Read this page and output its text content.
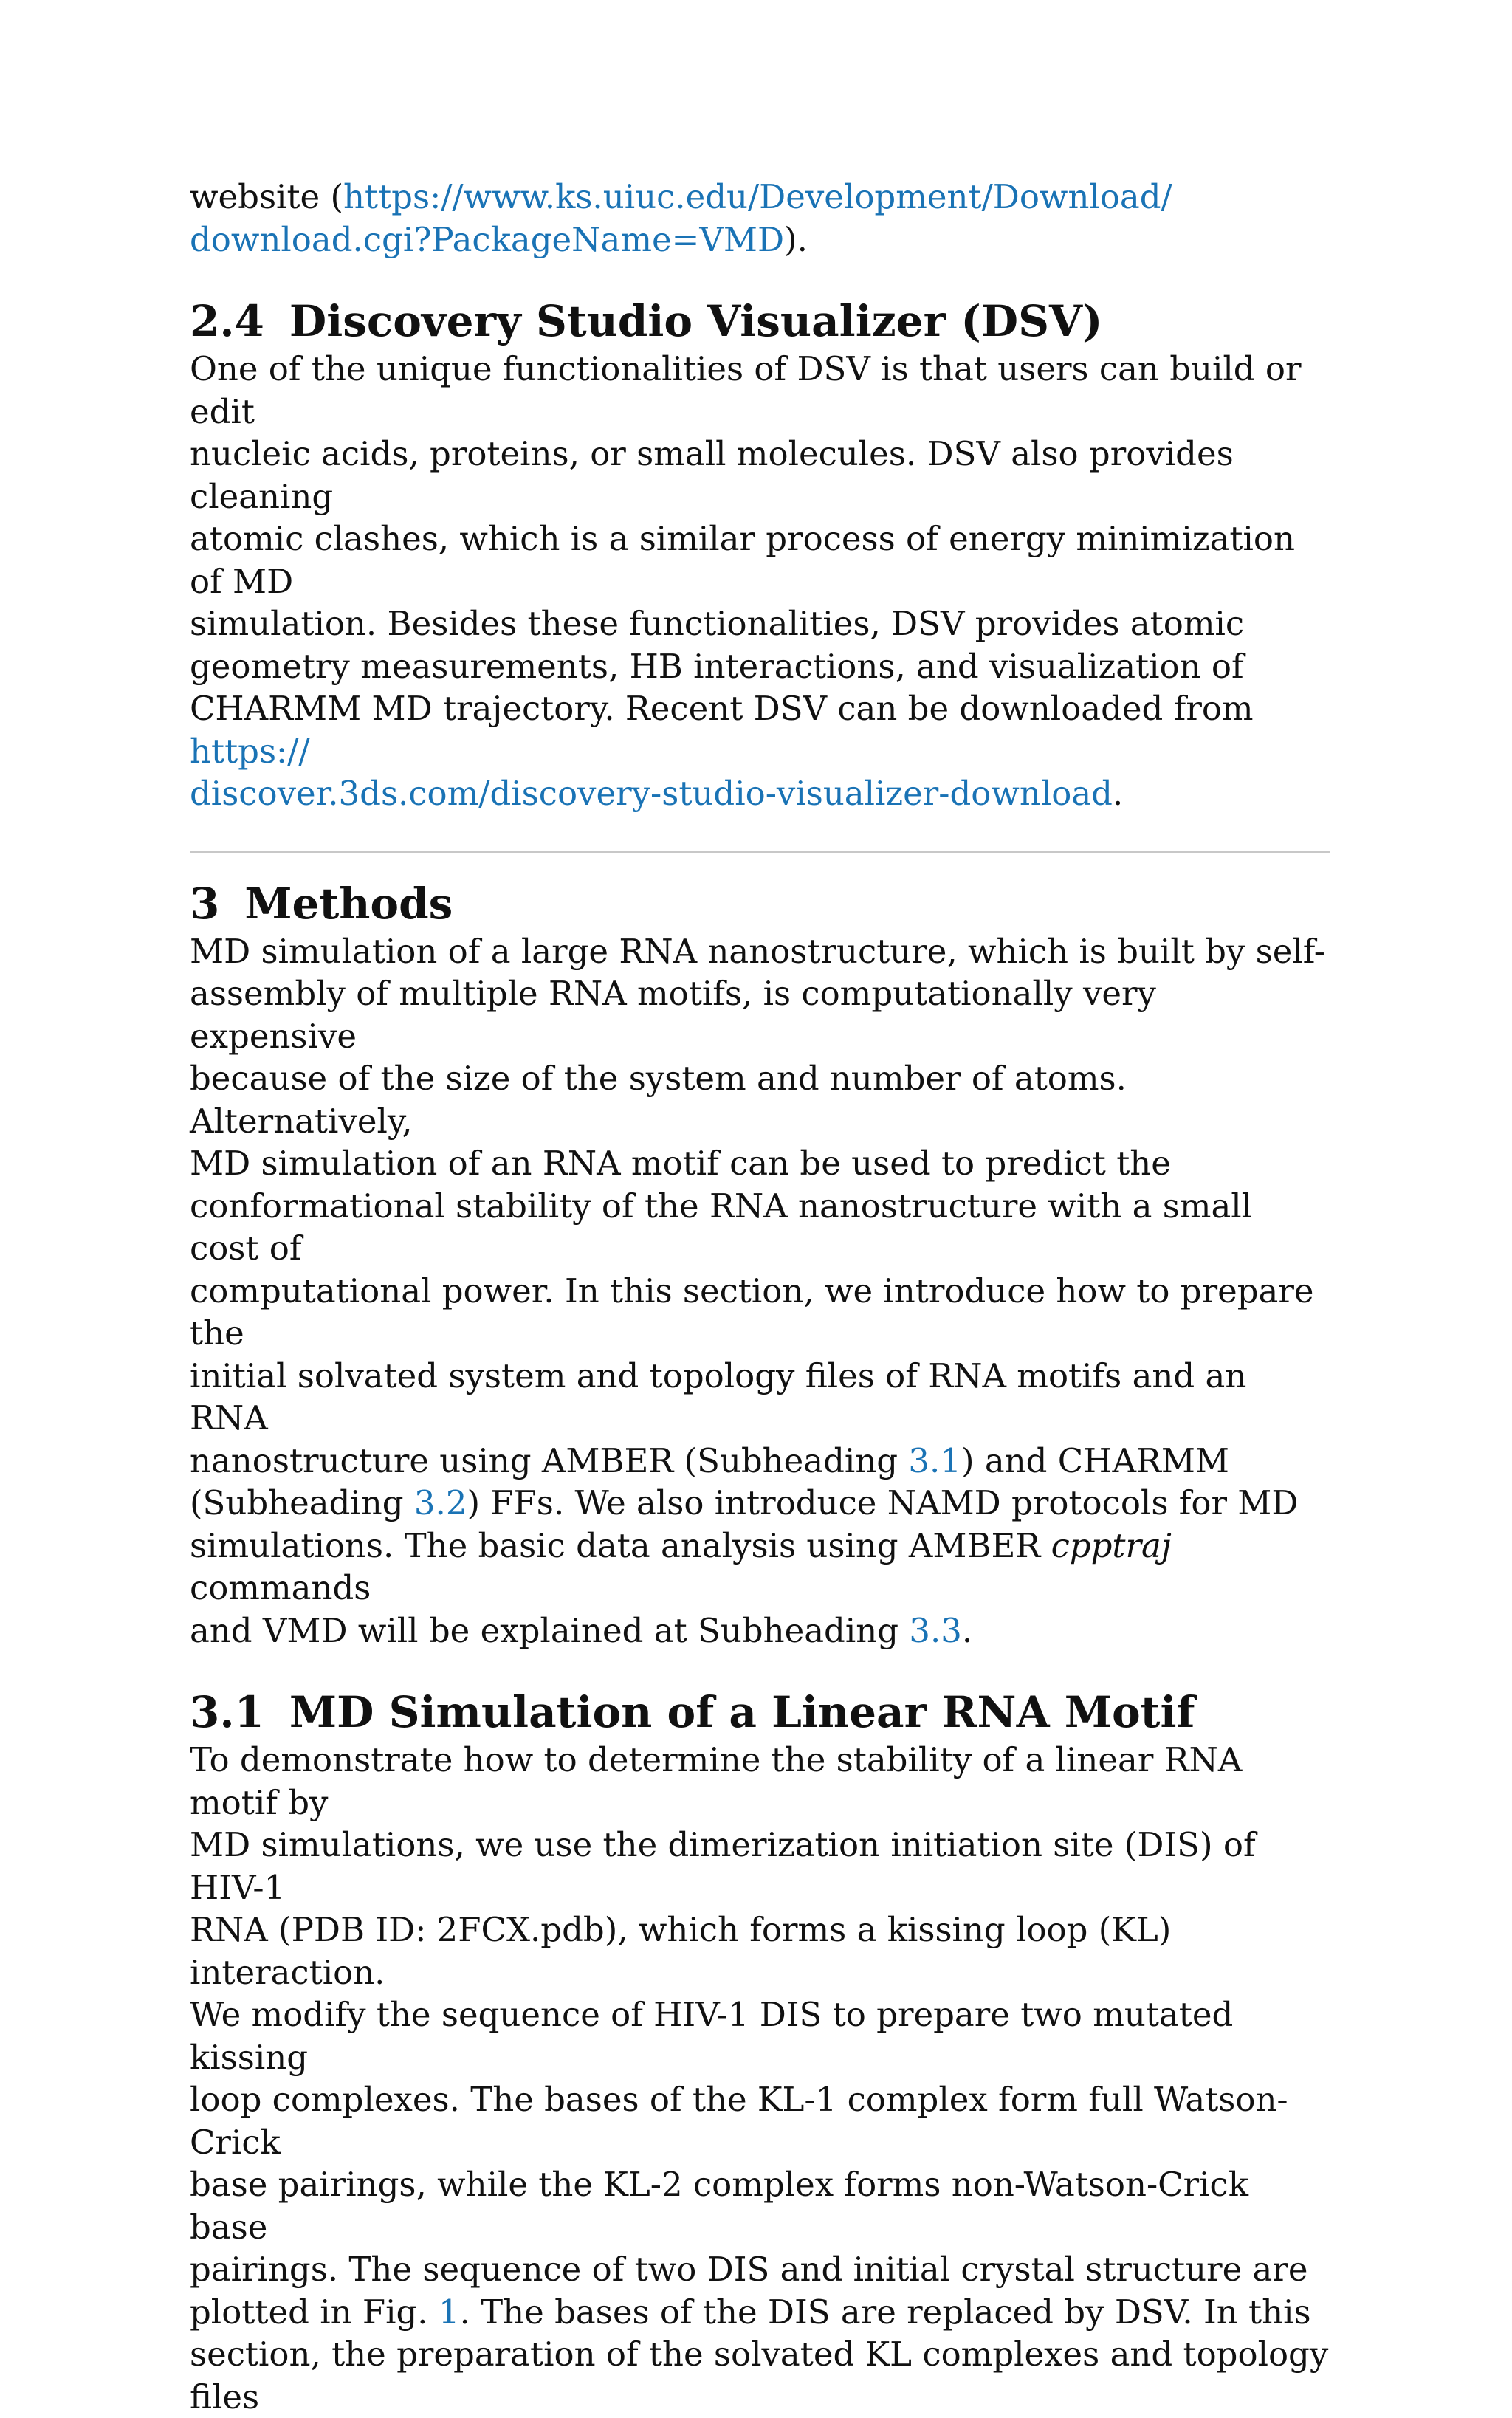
website (https://www.ks.uiuc.edu/Development/Download/
download.cgi?PackageName=VMD).

2.4 Discovery Studio Visualizer (DSV)

One of the unique functionalities of DSV is that users can build or edit
nucleic acids, proteins, or small molecules. DSV also provides cleaning
atomic clashes, which is a similar process of energy minimization of MD
simulation. Besides these functionalities, DSV provides atomic
geometry measurements, HB interactions, and visualization of
CHARMM MD trajectory. Recent DSV can be downloaded from https://
discover.3ds.com/discovery-studio-visualizer-download.

3 Methods

MD simulation of a large RNA nanostructure, which is built by self-
assembly of multiple RNA motifs, is computationally very expensive
because of the size of the system and number of atoms. Alternatively,
MD simulation of an RNA motif can be used to predict the
conformational stability of the RNA nanostructure with a small cost of
computational power. In this section, we introduce how to prepare the
initial solvated system and topology files of RNA motifs and an RNA
nanostructure using AMBER (Subheading 3.1) and CHARMM
(Subheading 3.2) FFs. We also introduce NAMD protocols for MD
simulations. The basic data analysis using AMBER cpptraj commands
and VMD will be explained at Subheading 3.3.

3.1 MD Simulation of a Linear RNA Motif

To demonstrate how to determine the stability of a linear RNA motif by
MD simulations, we use the dimerization initiation site (DIS) of HIV-1
RNA (PDB ID: 2FCX.pdb), which forms a kissing loop (KL) interaction.
We modify the sequence of HIV-1 DIS to prepare two mutated kissing
loop complexes. The bases of the KL-1 complex form full Watson-Crick
base pairings, while the KL-2 complex forms non-Watson-Crick base
pairings. The sequence of two DIS and initial crystal structure are
plotted in Fig. 1. The bases of the DIS are replaced by DSV. In this
section, the preparation of the solvated KL complexes and topology files
